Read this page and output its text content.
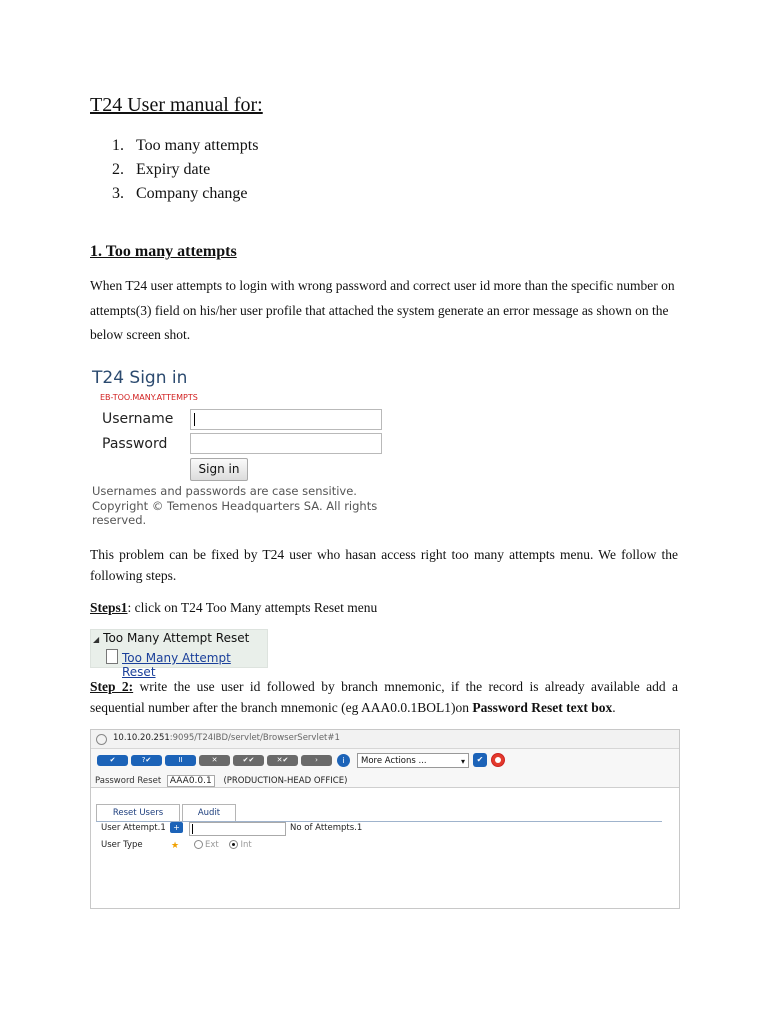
T24 User manual for:
1. Too many attempts
2. Expiry date
3. Company change
1. Too many attempts
When T24 user attempts to login with wrong password and correct user id more than the specific number on attempts(3) field on his/her user profile that attached the system generate an error message as shown on the below screen shot.
T24 Sign in
EB-TOO.MANY.ATTEMPTS
Username
Password
Sign in
Usernames and passwords are case sensitive.
Copyright © Temenos Headquarters SA. All rights reserved.
This problem can be fixed by T24 user who hasan access right too many attempts menu. We follow the following steps.
Steps1: click on T24 Too Many attempts Reset menu
◢ Too Many Attempt Reset
Too Many Attempt Reset
Step 2: write the use user id followed by branch mnemonic, if the record is already available add a sequential number after the branch mnemonic (eg AAA0.0.1BOL1)on Password Reset text box.
10.10.20.251:9095/T24IBD/servlet/BrowserServlet#1
✔	?✔	II	✕	✔✔	✕✔	›	i	More Actions ...	▾	✔
Password Reset AAA0.0.1 (PRODUCTION-HEAD OFFICE)
Reset Users	Audit
User Attempt.1 +	No of Attempts.1
User Type	★	Ext	Int
